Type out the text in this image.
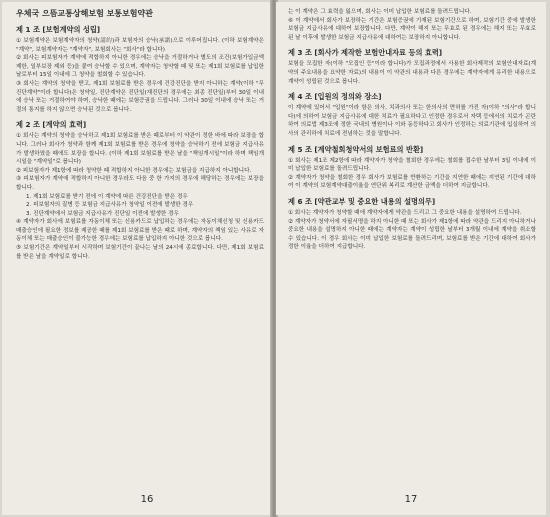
우체국 으뜸교통상해보험 보통보험약관
제 1 조 [보험계약의 성립]

① 보험계약은 보험계약자의 청약(請約)과 보험자의 승낙(承諾)으로 이루어집니다. (이하 보험계약은 "계약", 보험계약자는 "계약자", 보험회사는 "회사"라 합니다)

② 회사는 피보험자가 계약에 적합하지 아니한 경우에는 승낙을 거절하거나 별도의 조건(보험가입금액 제한, 일부보장 제외 등)을 붙여 승낙할 수 있으며, 계약자는 청약할 때 및 또는 제1회 보험료를 납입한 날로부터 15일 이내에 그 청약을 철회할 수 있습니다.

③ 회사는 계약의 청약을 받고, 제1회 보험료를 받은 경우에 건강진단을 받지 아니하는 계약(이하 "무진단계약"이라 합니다)은 청약일, 진단계약은 진단일(재진단의 경우에는 최종 진단일)부터 30일 이내에 승낙 또는 거절하여야 하며, 승낙한 때에는 보험증권을 드립니다. 그러나 30일 이내에 승낙 또는 거절의 통지를 하지 않으면 승낙된 것으로 봅니다.

제 2 조 [계약의 효력]

① 회사는 계약의 청약을 승낙하고 제1회 보험료를 받은 때로부터 이 약관이 정한 바에 따라 보장을 합니다. 그러나 회사가 청약과 함께 제1회 보험료를 받은 경우에 청약을 승낙하기 전에 보험금 지급사유가 발생하였을 때에도 보장을 합니다. (이하 제1회 보험료를 받은 날을 "책임개시일"이라 하며 책임개시일을 "계약일"로 봅니다)

② 피보험자가 제1항에 따라 청약한 때 적합하지 아니한 경우에는 보험금을 지급하지 아니합니다.

③ 피보험자가 계약에 적합하지 아니한 경우라도 다음 중 한 가지의 경우에 해당하는 경우에는 보장을 합니다.

1. 제1회 보험료를 받기 전에 이 계약에 따른 건강진단을 받은 경우
2. 피보험자의 질병 등 보험금 지급사유가 청약일 이전에 발생한 경우
3. 진단계약에서 보험금 지급사유가 진단일 이전에 발생한 경우

④ 계약자가 회사에 보험료를 자동이체 또는 신용카드로 납입하는 경우에는 자동이체신청 및 신용카드매출승인에 필요한 정보를 제공한 때를 제1회 보험료를 받은 때로 하며, 계약자의 책임 있는 사유로 자동이체 또는 매출승인이 불가능한 경우에는 보험료를 납입하지 아니한 것으로 봅니다.

⑤ 보험기간은 계약일부터 시작하며 보험기간이 끝나는 날의 24시에 종료합니다. 다만, 제1회 보험료를 받은 날을 계약일로 합니다.

16

는 이 계약은 그 효력을 잃으며, 회사는 이미 납입한 보험료를 돌려드립니다.

⑥ 이 계약에서 회사가 보장하는 기간은 보험증권에 기재된 보험기간으로 하며, 보험기간 중에 발생한 보험금 지급사유에 대하여 보장합니다. 다만, 계약이 해지 또는 무효로 된 경우에는 해지 또는 무효로 된 날 이후에 발생한 보험금 지급사유에 대하여는 보장하지 아니합니다.

제 3 조 [회사가 제작한 보험안내자료 등의 효력]

보험을 모집한 자(이하 "모집인 등"이라 합니다)가 모집과정에서 사용한 회사제작의 보험안내자료(계약의 주요내용을 요약한 자료)의 내용이 이 약관의 내용과 다른 경우에는 계약자에게 유리한 내용으로 계약이 성립된 것으로 봅니다.

제 4 조 [입원의 정의와 장소]

이 계약에 있어서 "입원"이라 함은 의사, 치과의사 또는 한의사의 면허를 가진 자(이하 "의사"라 합니다)에 의하여 보험금 지급사유에 대한 치료가 필요하다고 인정한 경우로서 자택 등에서의 치료가 곤란하여 의료법 제3조에 정한 국내의 병원이나 이와 동등하다고 회사가 인정하는 의료기관에 입실하여 의사의 관리하에 치료에 전념하는 것을 말합니다.

제 5 조 [계약철회청약서의 보험료의 반환]

① 회사는 제1조 제2항에 따라 계약자가 청약을 철회한 경우에는 철회를 접수한 날부터 3일 이내에 이미 납입한 보험료를 돌려드립니다.

② 계약자가 청약을 철회한 경우 회사가 보험료를 반환하는 기간을 지연한 때에는 지연된 기간에 대하여 이 계약의 보험계약대출이율을 연단위 복리로 계산한 금액을 더하여 지급합니다.

제 6 조 [약관교부 및 중요한 내용의 설명의무]

① 회사는 계약자가 청약할 때에 계약자에게 약관을 드리고 그 중요한 내용을 설명하여 드립니다.

② 계약자가 청약서에 자필서명을 하지 아니한 때 또는 회사가 제1항에 따라 약관을 드리지 아니하거나 중요한 내용을 설명하지 아니한 때에는 계약자는 계약이 성립한 날부터 3개월 이내에 계약을 취소할 수 있습니다. 이 경우 회사는 이미 납입한 보험료를 돌려드리며, 보험료를 받은 기간에 대하여 회사가 정한 이율을 더하여 지급합니다.

17
